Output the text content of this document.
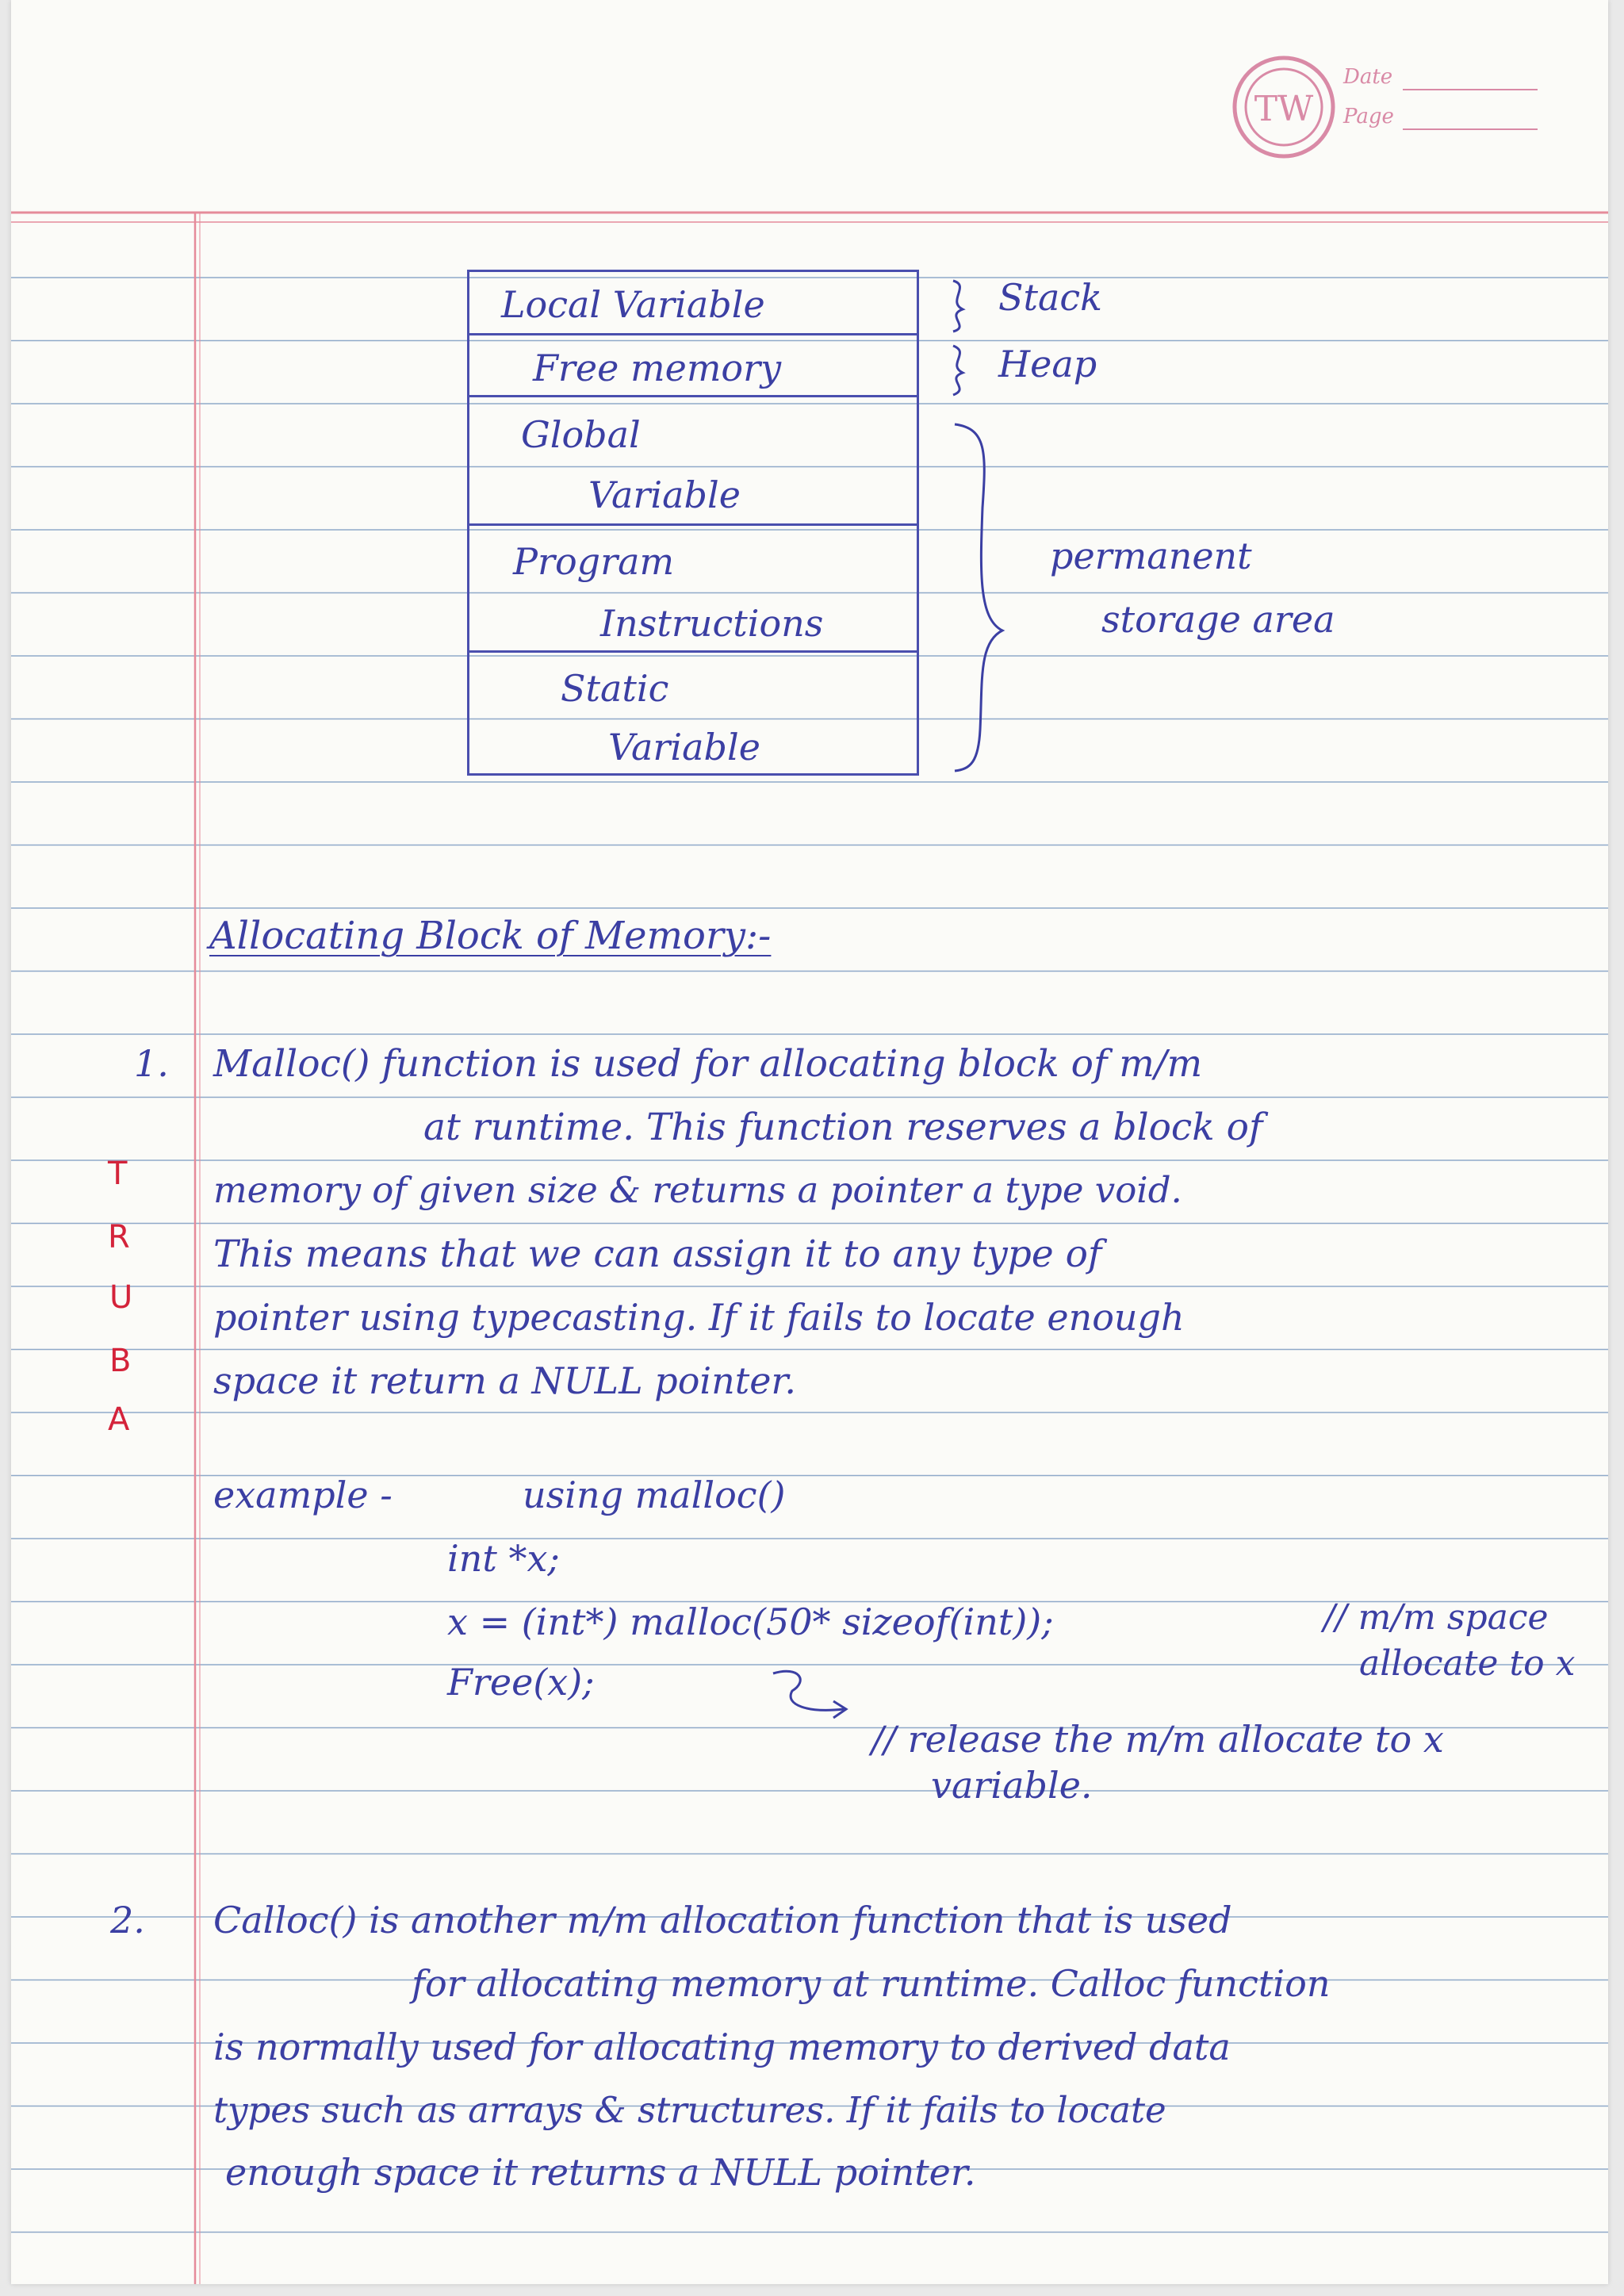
TW
Date
Page
Local Variable
Free memory
Global
Variable
Program
Instructions
Static
Variable
Stack
Heap
permanent
storage area
Allocating Block of Memory:-
T
R
U
B
A
1. Malloc() function is used for allocating block of m/m
at runtime. This function reserves a block of
memory of given size & returns a pointer a type void.
This means that we can assign it to any type of
pointer using typecasting. If it fails to locate enough
space it return a NULL pointer.
example -	using malloc()
int *x;
x = (int*) malloc(50* sizeof(int));	// m/m space
allocate to x
Free(x);
// release the m/m allocate to x
variable.
2. Calloc() is another m/m allocation function that is used
for allocating memory at runtime. Calloc function
is normally used for allocating memory to derived data
types such as arrays & structures. If it fails to locate
enough space it returns a NULL pointer.
